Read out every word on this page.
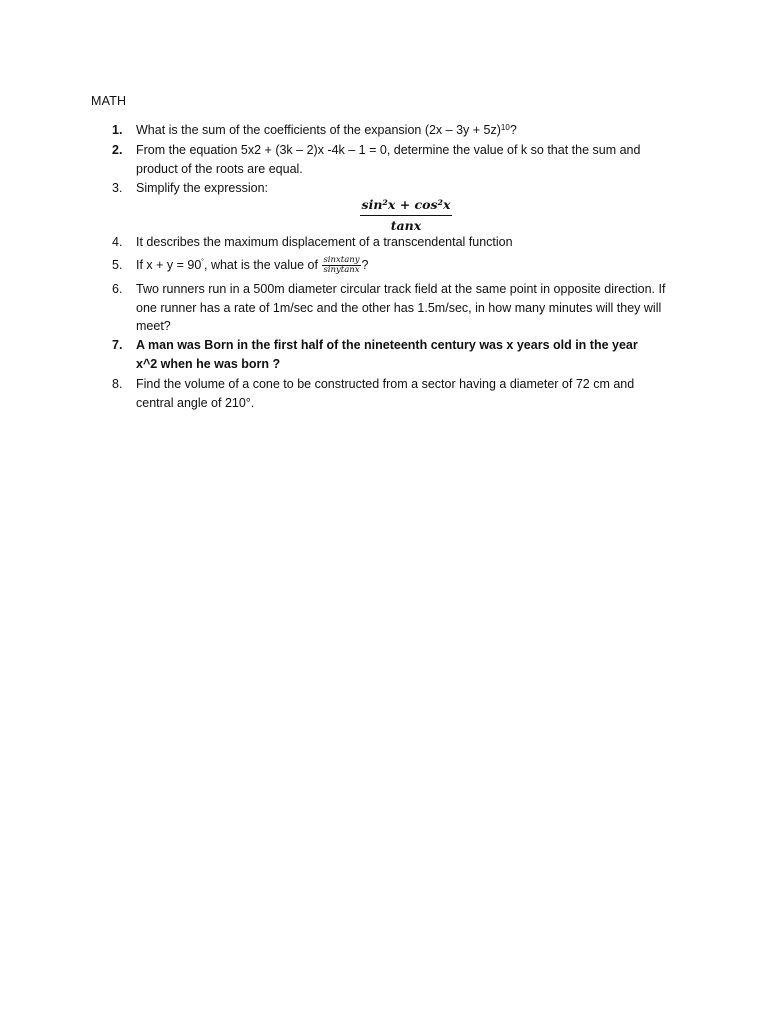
MATH
1.	What is the sum of the coefficients of the expansion $(2x - 3y + 5z)^{10}$?
2.	From the equation 5x2 + (3k – 2)x -4k – 1 = 0, determine the value of k so that the sum and product of the roots are equal.
3.	Simplify the expression:
sin²x + cos²x
tanx
4.	It describes the maximum displacement of a transcendental function
5.	If x + y = 90˚, what is the value of $\frac{\text{sinxtany}}{\text{sinytanx}}$ ?
6.	Two runners run in a 500m diameter circular track field at the same point in opposite direction. If one runner has a rate of 1m/sec and the other has 1.5m/sec, in how many minutes will they will meet?
7.	A man was Born in the first half of the nineteenth century was x years old in the year x^2 when he was born ?
8.	Find the volume of a cone to be constructed from a sector having a diameter of 72 cm and central angle of 210°.
